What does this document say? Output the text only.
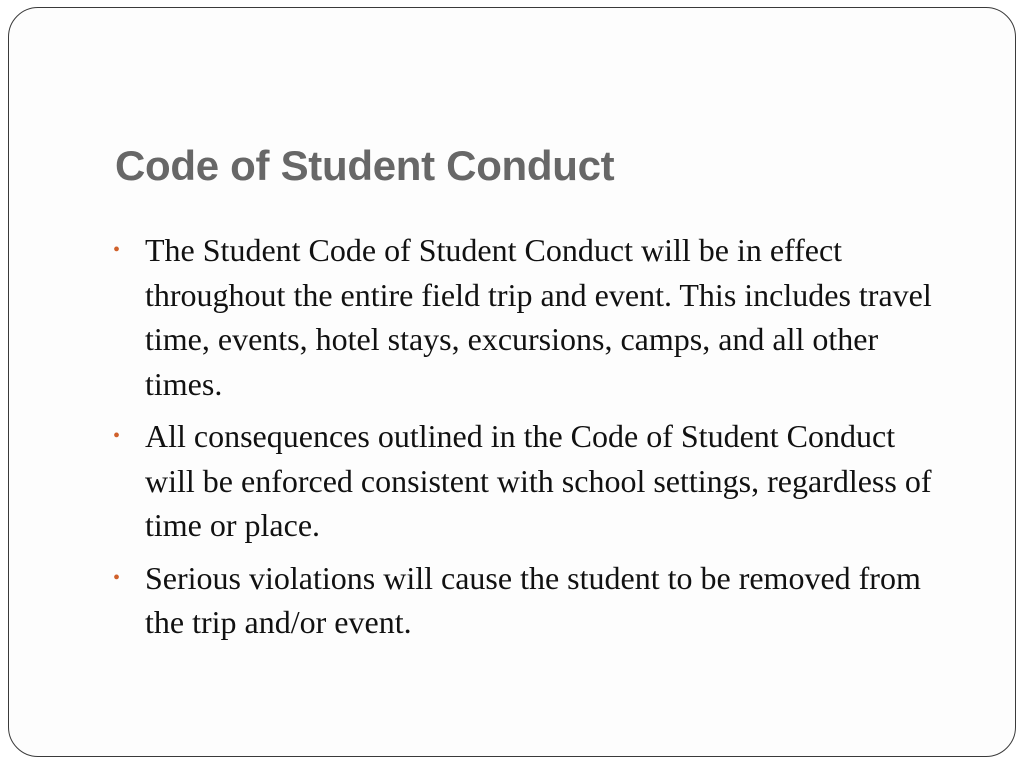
Code of Student Conduct
• The Student Code of Student Conduct will be in effect throughout the entire field trip and event. This includes travel time, events, hotel stays, excursions, camps, and all other times.
• All consequences outlined in the Code of Student Conduct will be enforced consistent with school settings, regardless of time or place.
• Serious violations will cause the student to be removed from the trip and/or event.
